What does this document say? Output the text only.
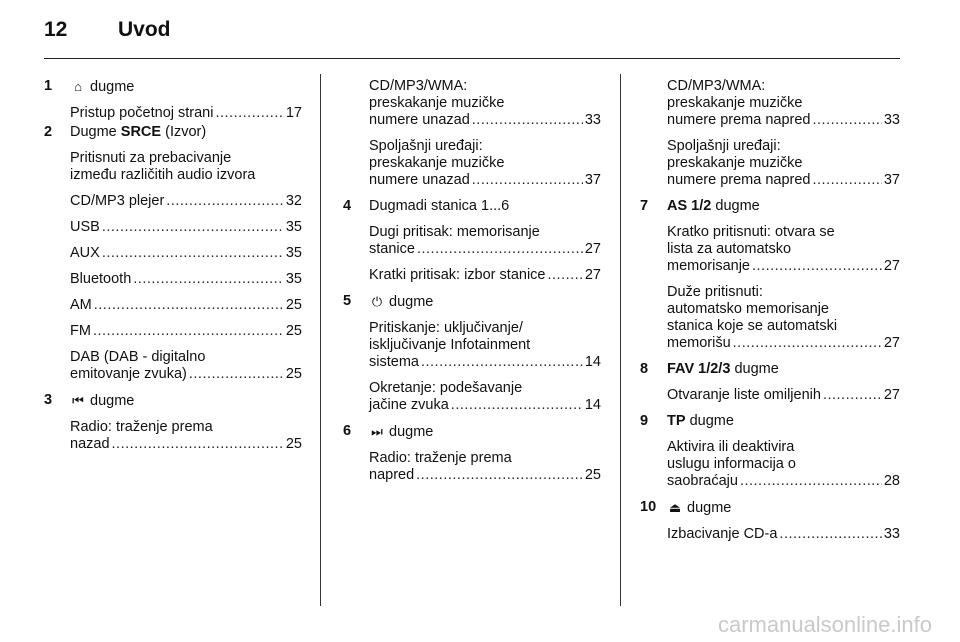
12 Uvod
1	⌂ dugme
Pristup početnoj strani .....	17
2 Dugme SRCE (Izvor)
Pritisnuti za prebacivanje
između različitih audio izvora
CD/MP3 plejer .....	32
USB .....	35
AUX .....	35
Bluetooth .....	35
AM .....	25
FM .....	25
DAB (DAB - digitalno
emitovanje zvuka) .....	25
3 ⏮ dugme
Radio: traženje prema
nazad .....	25
CD/MP3/WMA:
preskakanje muzičke
numere unazad .....	33
Spoljašnji uređaji:
preskakanje muzičke
numere unazad .....	37
4 Dugmadi stanica 1...6
Dugi pritisak: memorisanje
stanice .....	27
Kratki pritisak: izbor stanice .....	27
5 ⏻ dugme
Pritiskanje: uključivanje/
isključivanje Infotainment
sistema .....	14
Okretanje: podešavanje
jačine zvuka .....	14
6 ⏭ dugme
Radio: traženje prema
napred .....	25
CD/MP3/WMA:
preskakanje muzičke
numere prema napred .....	33
Spoljašnji uređaji:
preskakanje muzičke
numere prema napred .....	37
7 AS 1/2 dugme
Kratko pritisnuti: otvara se
lista za automatsko
memorisanje .....	27
Duže pritisnuti:
automatsko memorisanje
stanica koje se automatski
memorišu .....	27
8 FAV 1/2/3 dugme
Otvaranje liste omiljenih .....	27
9 TP dugme
Aktivira ili deaktivira
uslugu informacija o
saobraćaju .....	28
10 ⏏ dugme
Izbacivanje CD-a .....	33
carmanualsonline.info
